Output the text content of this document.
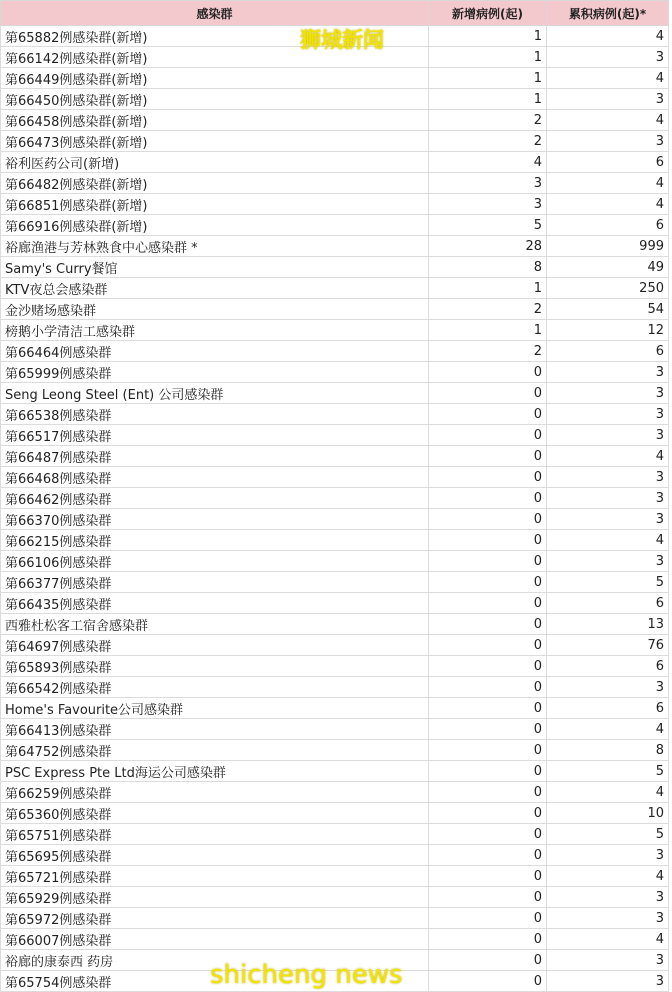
感染群	新增病例(起)	累积病例(起)*
第65882例感染群(新增)	1	4
第66142例感染群(新增)	1	3
第66449例感染群(新增)	1	4
第66450例感染群(新增)	1	3
第66458例感染群(新增)	2	4
第66473例感染群(新增)	2	3
裕利医药公司(新增)	4	6
第66482例感染群(新增)	3	4
第66851例感染群(新增)	3	4
第66916例感染群(新增)	5	6
裕廊渔港与芳林熟食中心感染群 *	28	999
Samy's Curry餐馆	8	49
KTV夜总会感染群	1	250
金沙赌场感染群	2	54
榜鹅小学清洁工感染群	1	12
第66464例感染群	2	6
第65999例感染群	0	3
Seng Leong Steel (Ent) 公司感染群	0	3
第66538例感染群	0	3
第66517例感染群	0	3
第66487例感染群	0	4
第66468例感染群	0	3
第66462例感染群	0	3
第66370例感染群	0	3
第66215例感染群	0	4
第66106例感染群	0	3
第66377例感染群	0	5
第66435例感染群	0	6
西雅杜松客工宿舍感染群	0	13
第64697例感染群	0	76
第65893例感染群	0	6
第66542例感染群	0	3
Home's Favourite公司感染群	0	6
第66413例感染群	0	4
第64752例感染群	0	8
PSC Express Pte Ltd海运公司感染群	0	5
第66259例感染群	0	4
第65360例感染群	0	10
第65751例感染群	0	5
第65695例感染群	0	3
第65721例感染群	0	4
第65929例感染群	0	3
第65972例感染群	0	3
第66007例感染群	0	4
裕廊的康泰西 药房	0	3
第65754例感染群	0	3
狮城新闻
shicheng news
